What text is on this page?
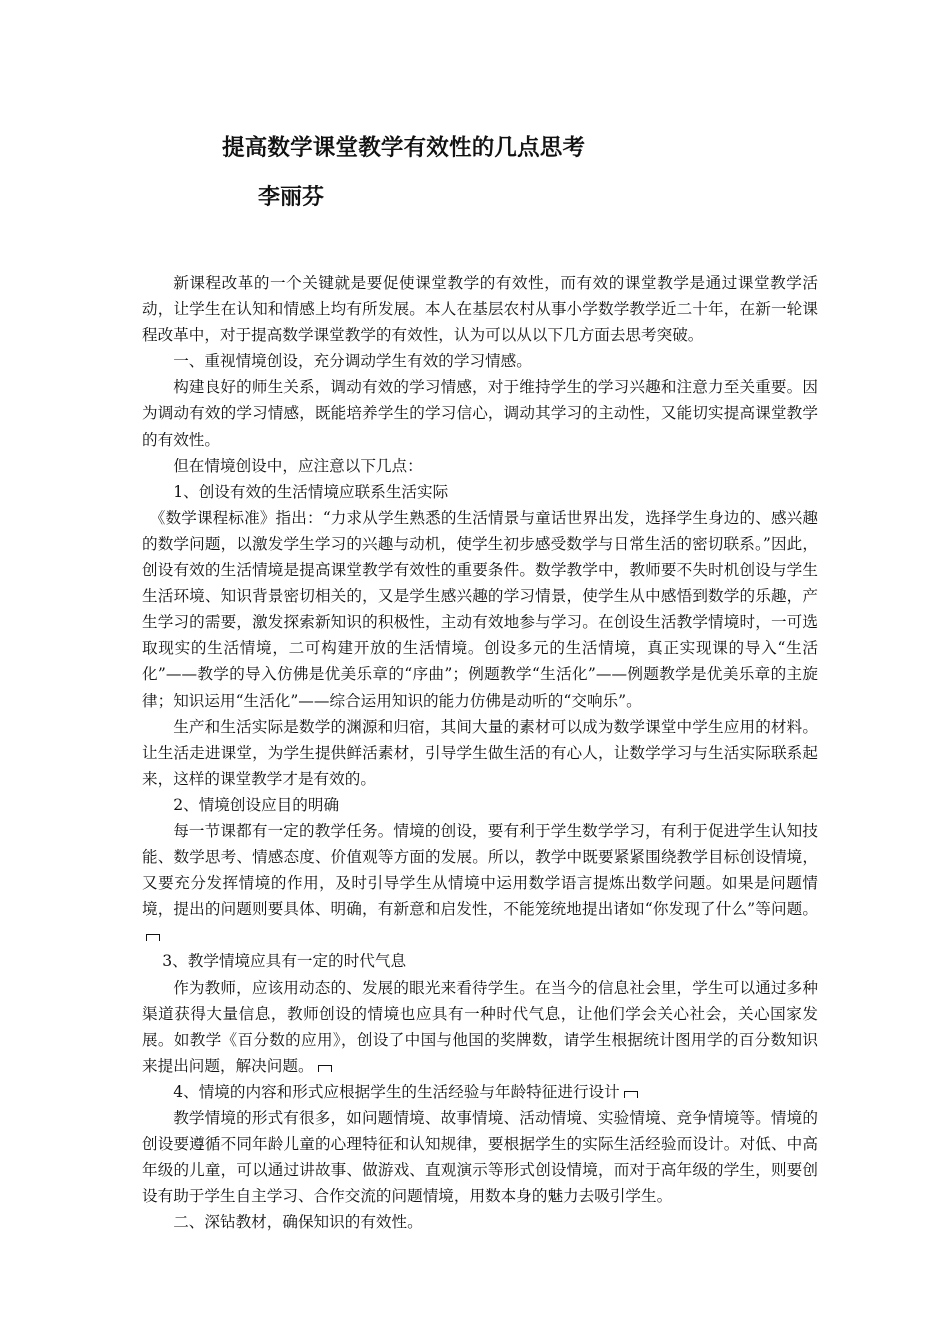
提高数学课堂教学有效性的几点思考
李丽芬

新课程改革的一个关键就是要促使课堂教学的有效性，而有效的课堂教学是通过课堂教学活动，让学生在认知和情感上均有所发展。本人在基层农村从事小学数学教学近二十年，在新一轮课程改革中，对于提高数学课堂教学的有效性，认为可以从以下几方面去思考突破。

一、重视情境创设，充分调动学生有效的学习情感。

构建良好的师生关系，调动有效的学习情感，对于维持学生的学习兴趣和注意力至关重要。因为调动有效的学习情感，既能培养学生的学习信心，调动其学习的主动性，又能切实提高课堂教学的有效性。

但在情境创设中，应注意以下几点：

1、创设有效的生活情境应联系生活实际

《数学课程标准》指出：“力求从学生熟悉的生活情景与童话世界出发，选择学生身边的、感兴趣的数学问题，以激发学生学习的兴趣与动机，使学生初步感受数学与日常生活的密切联系。”因此，创设有效的生活情境是提高课堂教学有效性的重要条件。数学教学中，教师要不失时机创设与学生生活环境、知识背景密切相关的，又是学生感兴趣的学习情景，使学生从中感悟到数学的乐趣，产生学习的需要，激发探索新知识的积极性，主动有效地参与学习。在创设生活教学情境时，一可选取现实的生活情境，二可构建开放的生活情境。创设多元的生活情境，真正实现课的导入“生活化”——教学的导入仿佛是优美乐章的“序曲”；例题教学“生活化”——例题教学是优美乐章的主旋律；知识运用“生活化”——综合运用知识的能力仿佛是动听的“交响乐”。

生产和生活实际是数学的渊源和归宿，其间大量的素材可以成为数学课堂中学生应用的材料。让生活走进课堂，为学生提供鲜活素材，引导学生做生活的有心人，让数学学习与生活实际联系起来，这样的课堂教学才是有效的。

2、情境创设应目的明确

每一节课都有一定的教学任务。情境的创设，要有利于学生数学学习，有利于促进学生认知技能、数学思考、情感态度、价值观等方面的发展。所以，教学中既要紧紧围绕教学目标创设情境，又要充分发挥情境的作用，及时引导学生从情境中运用数学语言提炼出数学问题。如果是问题情境，提出的问题则要具体、明确，有新意和启发性，不能笼统地提出诸如“你发现了什么”等问题。

3、教学情境应具有一定的时代气息

作为教师，应该用动态的、发展的眼光来看待学生。在当今的信息社会里，学生可以通过多种渠道获得大量信息，教师创设的情境也应具有一种时代气息，让他们学会关心社会，关心国家发展。如教学《百分数的应用》，创设了中国与他国的奖牌数，请学生根据统计图用学的百分数知识来提出问题，解决问题。

4、情境的内容和形式应根据学生的生活经验与年龄特征进行设计

教学情境的形式有很多，如问题情境、故事情境、活动情境、实验情境、竞争情境等。情境的创设要遵循不同年龄儿童的心理特征和认知规律，要根据学生的实际生活经验而设计。对低、中高年级的儿童，可以通过讲故事、做游戏、直观演示等形式创设情境，而对于高年级的学生，则要创设有助于学生自主学习、合作交流的问题情境，用数本身的魅力去吸引学生。

二、深钻教材，确保知识的有效性。
